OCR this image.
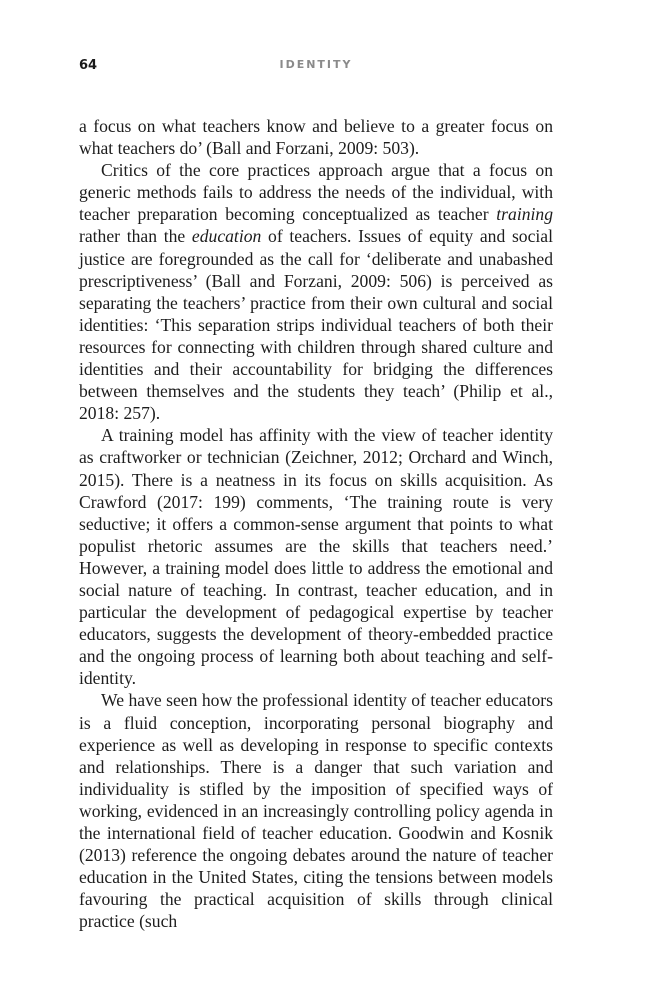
64	IDENTITY

a focus on what teachers know and believe to a greater focus on what teachers do’ (Ball and Forzani, 2009: 503).

Critics of the core practices approach argue that a focus on generic methods fails to address the needs of the individual, with teacher preparation becoming conceptualized as teacher training rather than the education of teachers. Issues of equity and social justice are foregrounded as the call for ‘deliberate and unabashed prescriptiveness’ (Ball and Forzani, 2009: 506) is perceived as separating the teachers’ practice from their own cultural and social identities: ‘This separation strips individual teachers of both their resources for connecting with children through shared culture and identities and their accountability for bridging the differences between themselves and the students they teach’ (Philip et al., 2018: 257).

A training model has affinity with the view of teacher identity as craftworker or technician (Zeichner, 2012; Orchard and Winch, 2015). There is a neatness in its focus on skills acquisition. As Crawford (2017: 199) comments, ‘The training route is very seductive; it offers a common-sense argument that points to what populist rhetoric assumes are the skills that teachers need.’ However, a training model does little to address the emotional and social nature of teaching. In contrast, teacher education, and in particular the development of pedagogical expertise by teacher educators, suggests the development of theory-embedded practice and the ongoing process of learning both about teaching and self-identity.

We have seen how the professional identity of teacher educators is a fluid conception, incorporating personal biography and experience as well as developing in response to specific contexts and relationships. There is a danger that such variation and individuality is stifled by the imposition of specified ways of working, evidenced in an increasingly controlling policy agenda in the international field of teacher education. Goodwin and Kosnik (2013) reference the ongoing debates around the nature of teacher education in the United States, citing the tensions between models favouring the practical acquisition of skills through clinical practice (such
